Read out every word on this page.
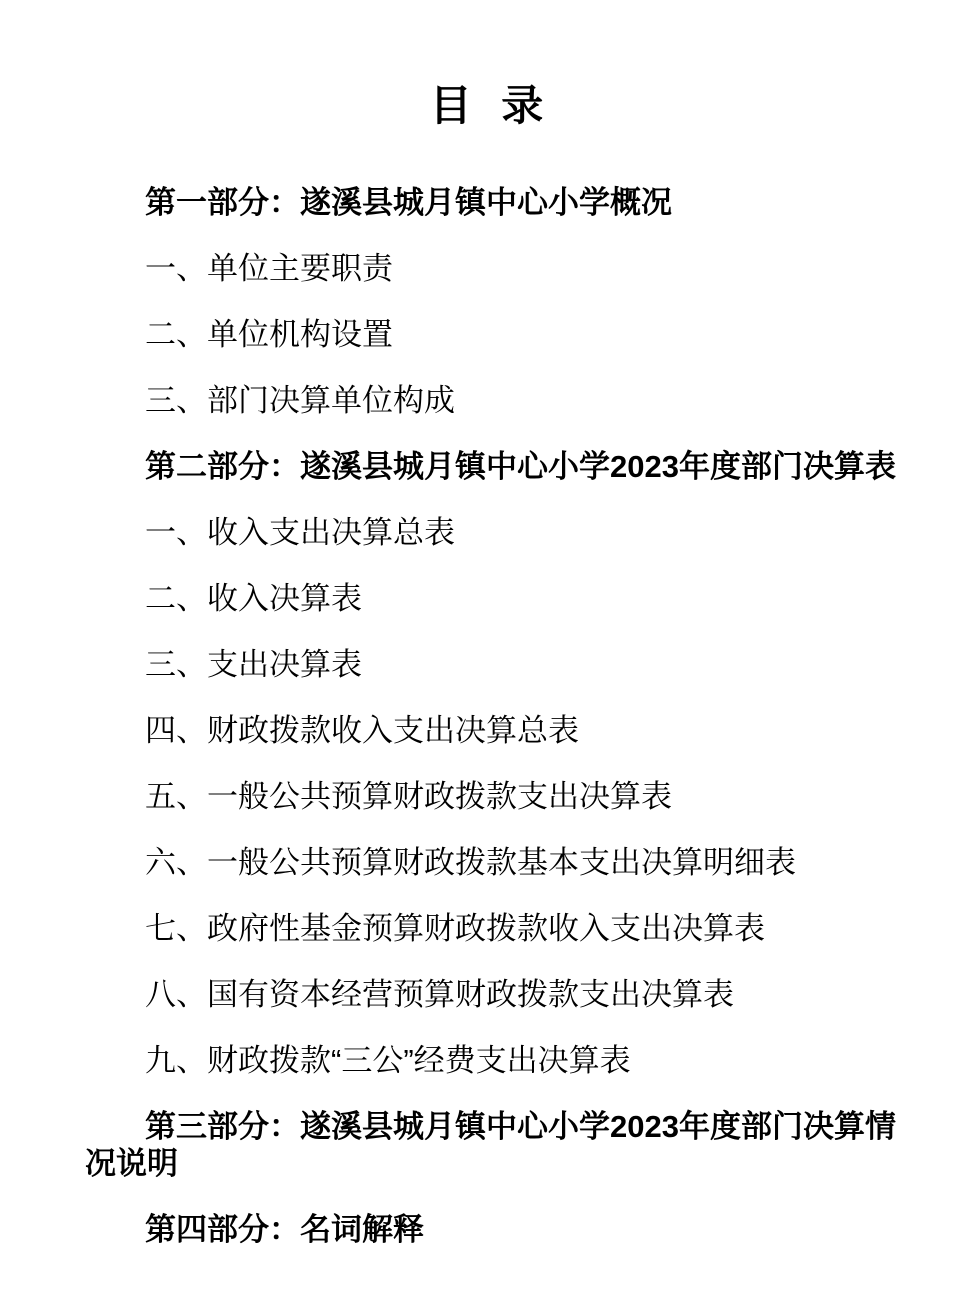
目 录

第一部分：遂溪县城月镇中心小学概况

一、单位主要职责

二、单位机构设置

三、部门决算单位构成

第二部分：遂溪县城月镇中心小学2023年度部门决算表

一、收入支出决算总表

二、收入决算表

三、支出决算表

四、财政拨款收入支出决算总表

五、一般公共预算财政拨款支出决算表

六、一般公共预算财政拨款基本支出决算明细表

七、政府性基金预算财政拨款收入支出决算表

八、国有资本经营预算财政拨款支出决算表

九、财政拨款“三公”经费支出决算表

第三部分：遂溪县城月镇中心小学2023年度部门决算情况说明

第四部分：名词解释
